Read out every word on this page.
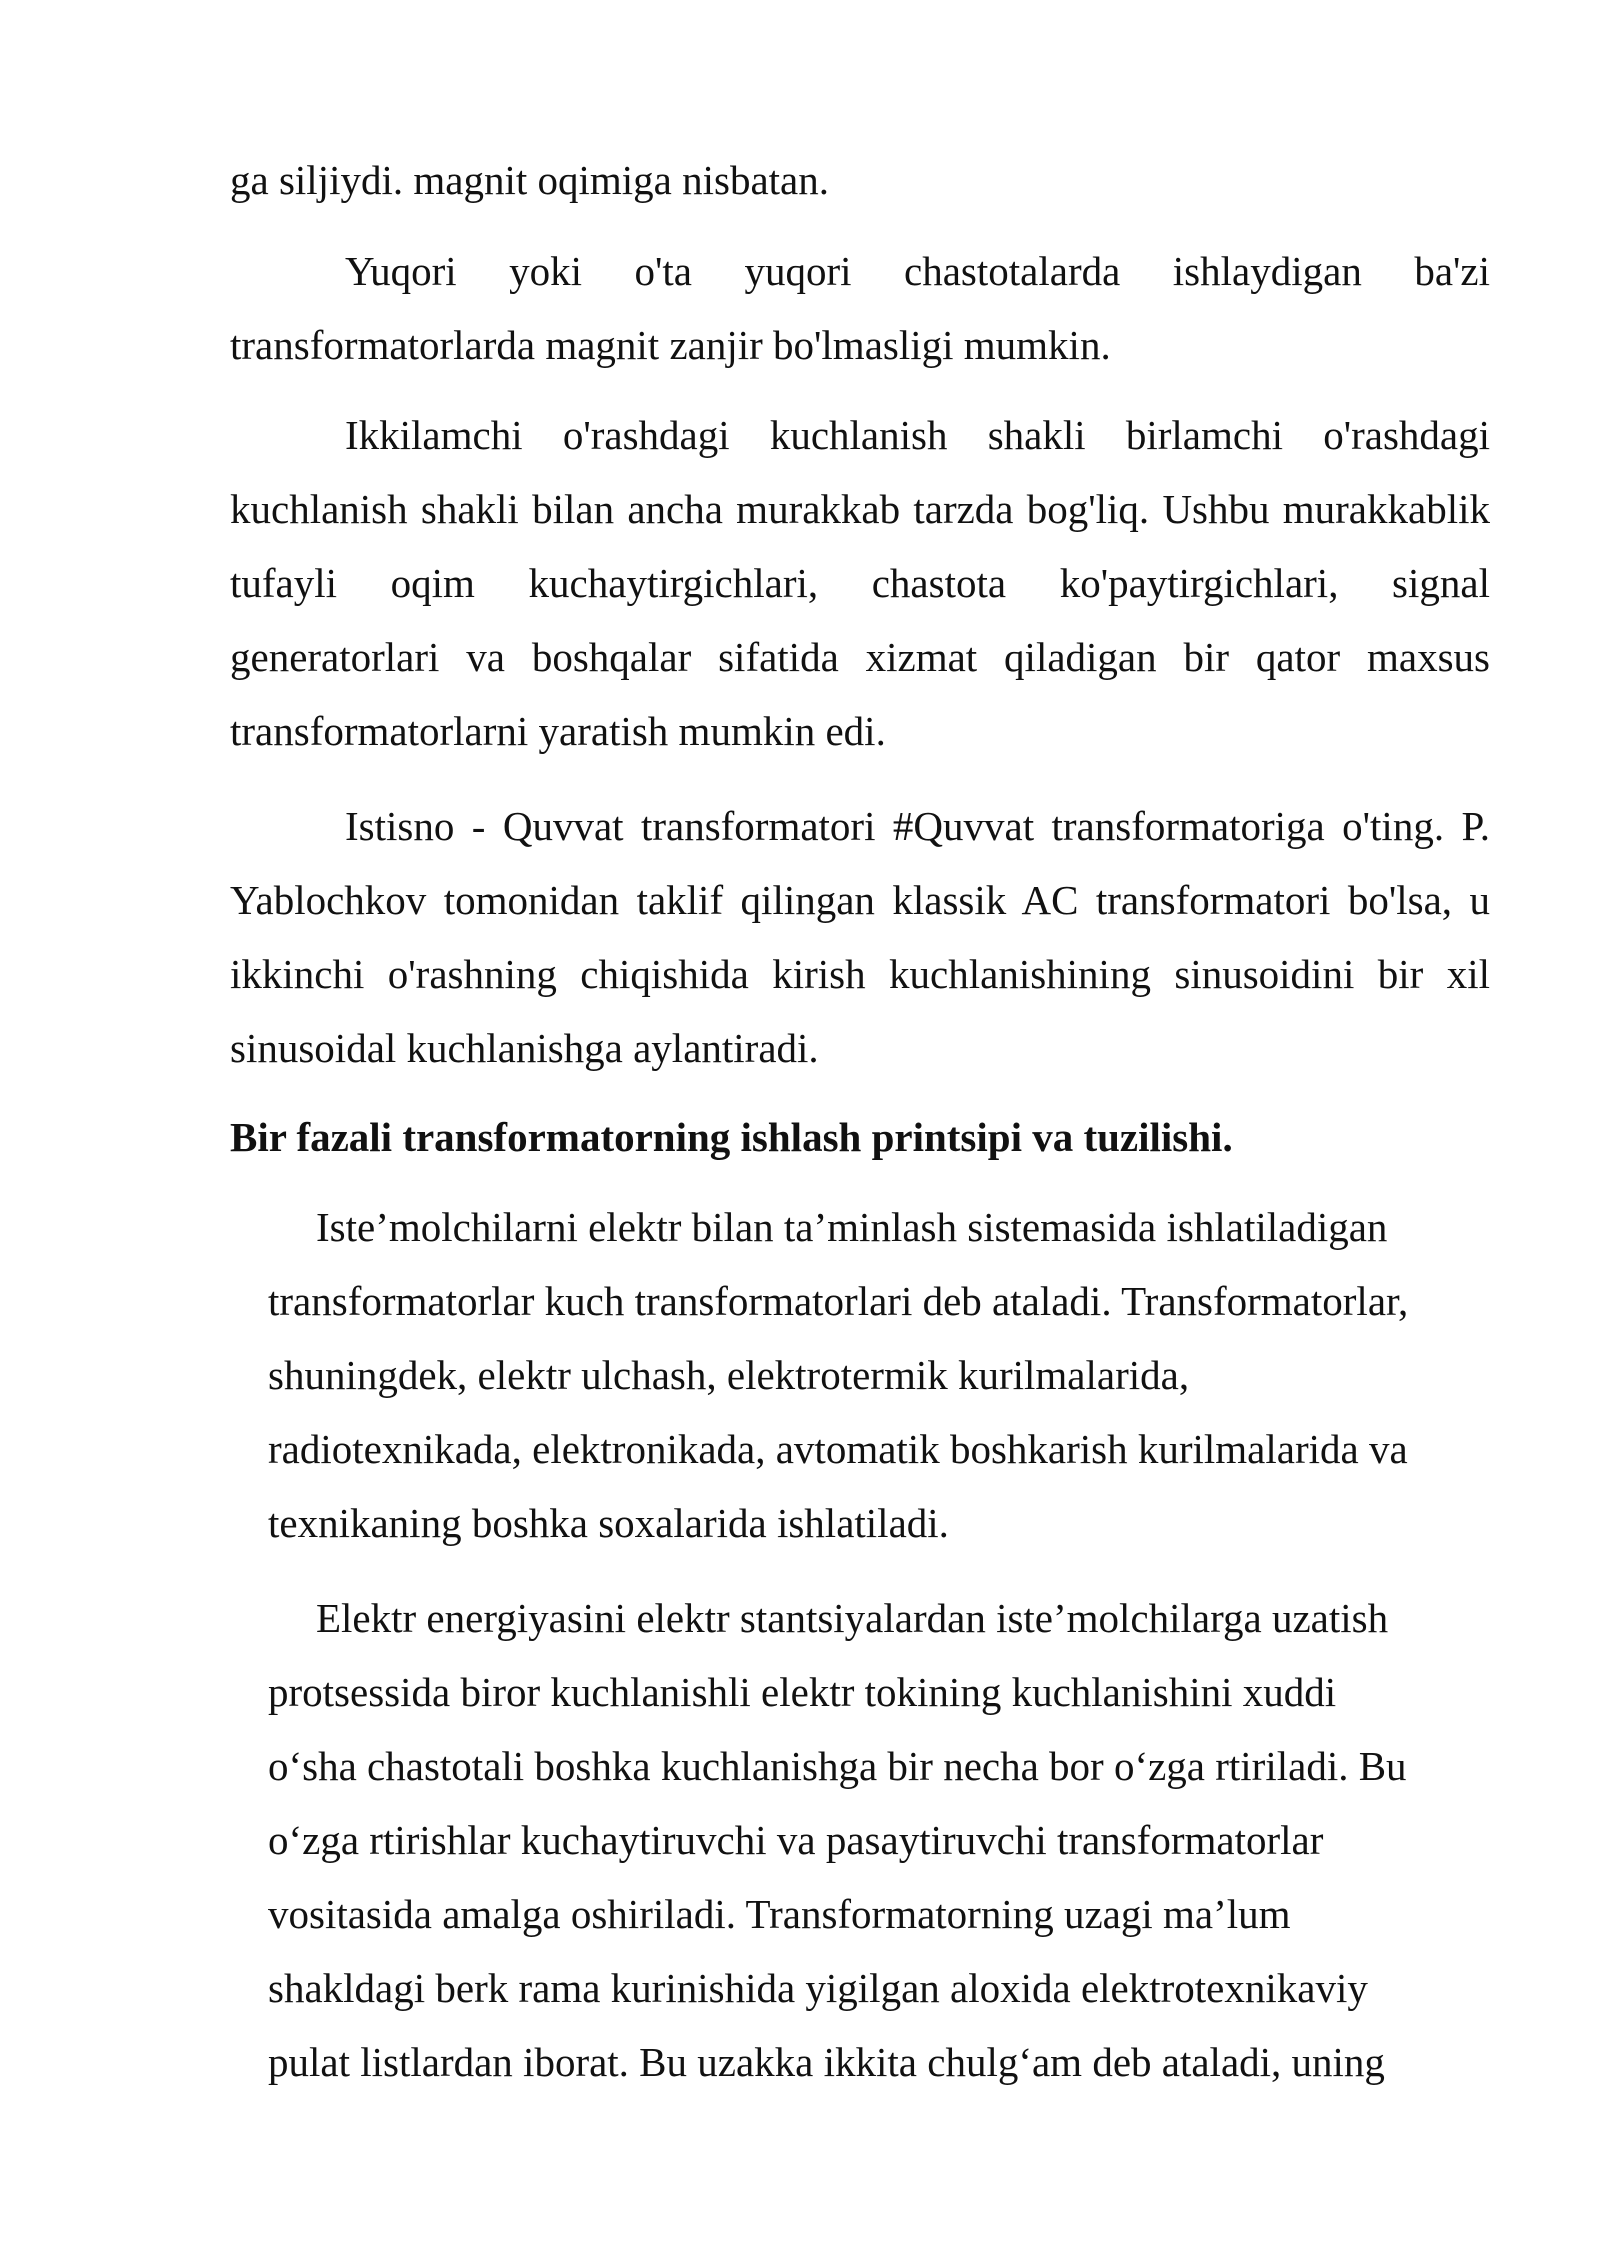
ga siljiydi. magnit oqimiga nisbatan.

Yuqori yoki o'ta yuqori chastotalarda ishlaydigan ba'zi transformatorlarda magnit zanjir bo'lmasligi mumkin.

Ikkilamchi o'rashdagi kuchlanish shakli birlamchi o'rashdagi kuchlanish shakli bilan ancha murakkab tarzda bog'liq. Ushbu murakkablik tufayli oqim kuchaytirgichlari, chastota ko'paytirgichlari, signal generatorlari va boshqalar sifatida xizmat qiladigan bir qator maxsus transformatorlarni yaratish mumkin edi.

Istisno - Quvvat transformatori #Quvvat transformatoriga o'ting. P. Yablochkov tomonidan taklif qilingan klassik AC transformatori bo'lsa, u ikkinchi o'rashning chiqishida kirish kuchlanishining sinusoidini bir xil sinusoidal kuchlanishga aylantiradi.

Bir fazali transformatorning ishlash printsipi va tuzilishi.
Iste’molchilarni elektr bilan ta’minlash sistemasida ishlatiladigan
transformatorlar kuch transformatorlari deb ataladi. Transformatorlar,
shuningdek, elektr ulchash, elektrotermik kurilmalarida,
radiotexnikada, elektronikada, avtomatik boshkarish kurilmalarida va
texnikaning boshka soxalarida ishlatiladi.
Elektr energiyasini elektr stantsiyalardan iste’molchilarga uzatish
protsessida biror kuchlanishli elektr tokining kuchlanishini xuddi
o‘sha chastotali boshka kuchlanishga bir necha bor o‘zga rtiriladi. Bu
o‘zga rtirishlar kuchaytiruvchi va pasaytiruvchi transformatorlar
vositasida amalga oshiriladi. Transformatorning uzagi ma’lum
shakldagi berk rama kurinishida yigilgan aloxida elektrotexnikaviy
pulat listlardan iborat. Bu uzakka ikkita chulg‘am deb ataladi, uning
